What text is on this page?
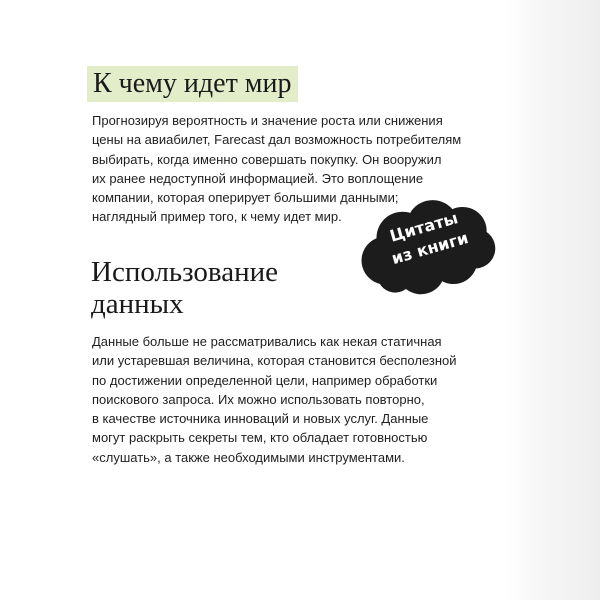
К чему идет мир
Прогнозируя вероятность и значение роста или снижения
цены на авиабилет, Farecast дал возможность потребителям
выбирать, когда именно совершать покупку. Он вооружил
их ранее недоступной информацией. Это воплощение
компании, которая оперирует большими данными;
наглядный пример того, к чему идет мир.	Цитаты
из книги
Использование
данных
Данные больше не рассматривались как некая статичная
или устаревшая величина, которая становится бесполезной
по достижении определенной цели, например обработки
поискового запроса. Их можно использовать повторно,
в качестве источника инноваций и новых услуг. Данные
могут раскрыть секреты тем, кто обладает готовностью
«слушать», а также необходимыми инструментами.
